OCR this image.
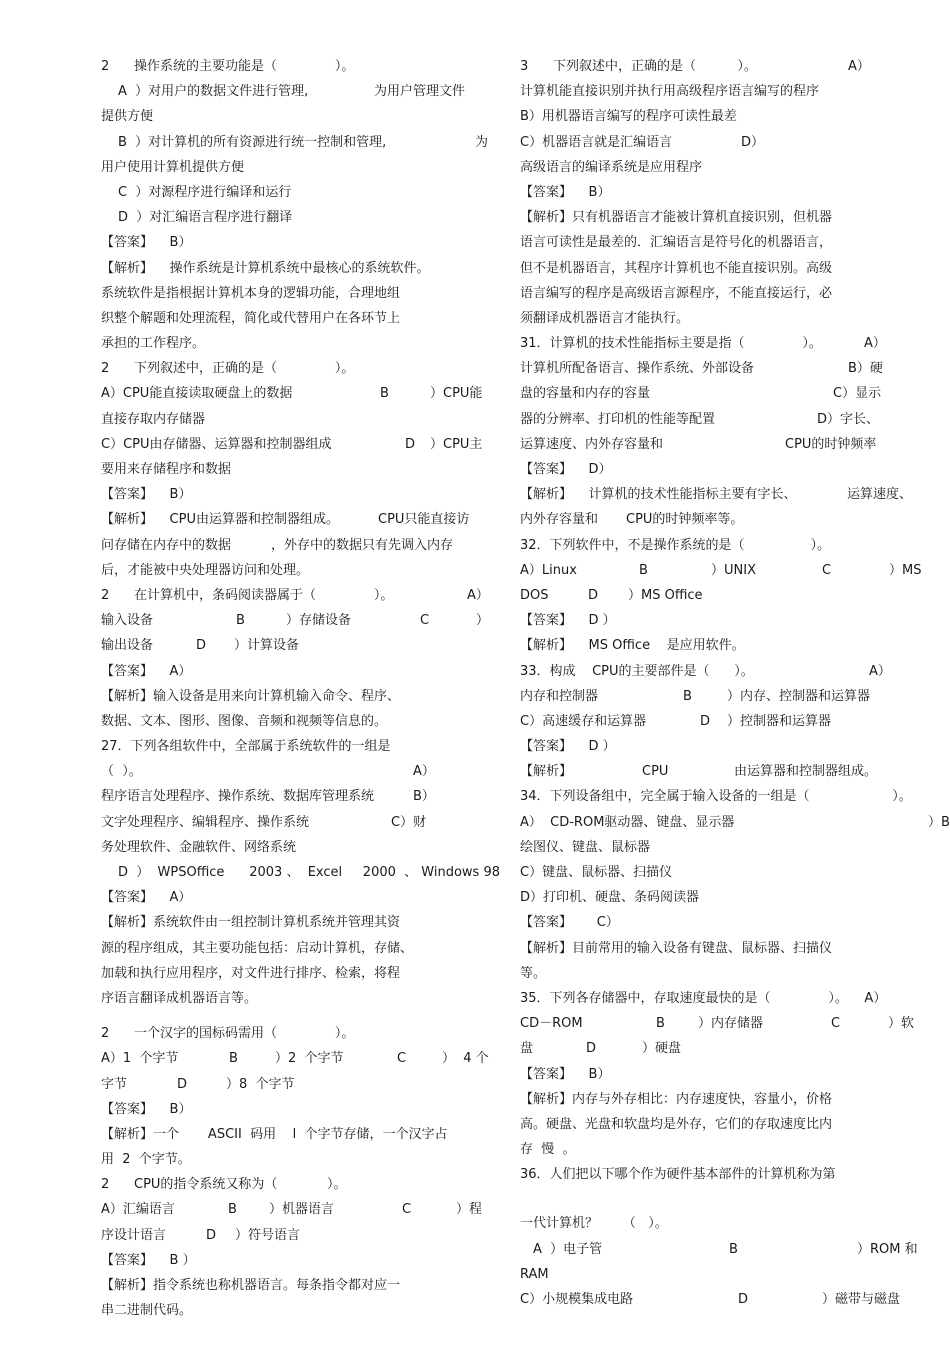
2 操作系统的主要功能是（              ）。
A  ）对用户的数据文件进行管理,	为用户管理文件
提供方便
B  ）对计算机的所有资源进行统一控制和管理,	为
用户使用计算机提供方便
C  ）对源程序进行编译和运行
D  ）对汇编语言程序进行翻译
【答案】    B）
【解析】    操作系统是计算机系统中最核心的系统软件。
系统软件是指根据计算机本身的逻辑功能，合理地组
织整个解题和处理流程，简化或代替用户在各环节上
承担的工作程序。
2 下列叙述中，正确的是（              ）。
A）CPU能直接读取硬盘上的数据	B	）CPU能
直接存取内存储器
C）CPU由存储器、运算器和控制器组成	D ）CPU主
要用来存储程序和数据
【答案】    B）
【解析】    CPU由运算器和控制器组成。	CPU只能直接访
问存储在内存中的数据	，外存中的数据只有先调入内存
后，才能被中央处理器访问和处理。
2 在计算机中，条码阅读器属于（              ）。	A）
输入设备	B	）存储设备	C	）
输出设备	D ）计算设备
【答案】    A）
【解析】输入设备是用来向计算机输入命令、程序、
数据、文本、图形、图像、音频和视频等信息的。
27．下列各组软件中，全部属于系统软件的一组是
（  ）。	A）
程序语言处理程序、操作系统、数据库管理系统	B）
文字处理程序、编辑程序、操作系统	C）财
务处理软件、金融软件、网络系统
D  ）  WPSOffice      2003 、  Excel     2000  、 Windows 98
【答案】    A）
【解析】系统软件由一组控制计算机系统并管理其资
源的程序组成，其主要功能包括：启动计算机，存储、
加载和执行应用程序，对文件进行排序、检索，将程
序语言翻译成机器语言等。
2 一个汉字的国标码需用（              ）。
A）1  个字节	B	）2  个字节	C	）  4 个
字节	D	）8  个字节
【答案】    B）
【解析】一个       ASCII  码用    l  个字节存储，一个汉字占
用  2  个字节。
2 CPU的指令系统又称为（            ）。
A）汇编语言	B ）机器语言	C	）程
序设计语言	D ）符号语言
【答案】    B ）
【解析】指令系统也称机器语言。每条指令都对应一
串二进制代码。
3 下列叙述中，正确的是（          ）。	A）
计算机能直接识别并执行用高级程序语言编写的程序
B）用机器语言编写的程序可读性最差
C）机器语言就是汇编语言	D）
高级语言的编译系统是应用程序
【答案】    B）
【解析】只有机器语言才能被计算机直接识别，但机器
语言可读性是最差的．汇编语言是符号化的机器语言，
但不是机器语言，其程序计算机也不能直接识别。高级
语言编写的程序是高级语言源程序，不能直接运行，必
须翻译成机器语言才能执行。
31．计算机的技术性能指标主要是指（              ）。	A）
计算机所配备语言、操作系统、外部设备	B）硬
盘的容量和内存的容量	C）显示
器的分辨率、打印机的性能等配置	D）字长、
运算速度、内外存容量和	CPU的时钟频率
【答案】    D）
【解析】    计算机的技术性能指标主要有字长、	运算速度、
内外存容量和 CPU的时钟频率等。
32．下列软件中，不是操作系统的是（                ）。
A）Linux	B	）UNIX	C	）MS
DOS	D ）MS Office
【答案】    D ）
【解析】    MS Office    是应用软件。
33．构成    CPU的主要部件是（      ）。	A）
内存和控制器	B	）内存、控制器和运算器
C）高速缓存和运算器	D ）控制器和运算器
【答案】    D ）
【解析】	CPU	由运算器和控制器组成。
34．下列设备组中，完全属于输入设备的一组是（                    ）。
A）  CD-ROM驱动器、键盘、显示器	）B
绘图仪、键盘、鼠标器
C）键盘、鼠标器、扫描仪
D）打印机、硬盘、条码阅读器
【答案】      C）
【解析】目前常用的输入设备有键盘、鼠标器、扫描仪
等。
35．下列各存储器中，存取速度最快的是（              ）。    A）
CD－ROM	B	）内存储器	C	）软
盘	D	）硬盘
【答案】    B）
【解析】内存与外存相比：内存速度快，容量小，价格
高。硬盘、光盘和软盘均是外存，它们的存取速度比内
存  慢  。
36．人们把以下哪个作为硬件基本部件的计算机称为第
一代计算机？      （   ）。
A  ）电子管	B	）ROM 和
RAM
C）小规模集成电路	D	）磁带与磁盘
